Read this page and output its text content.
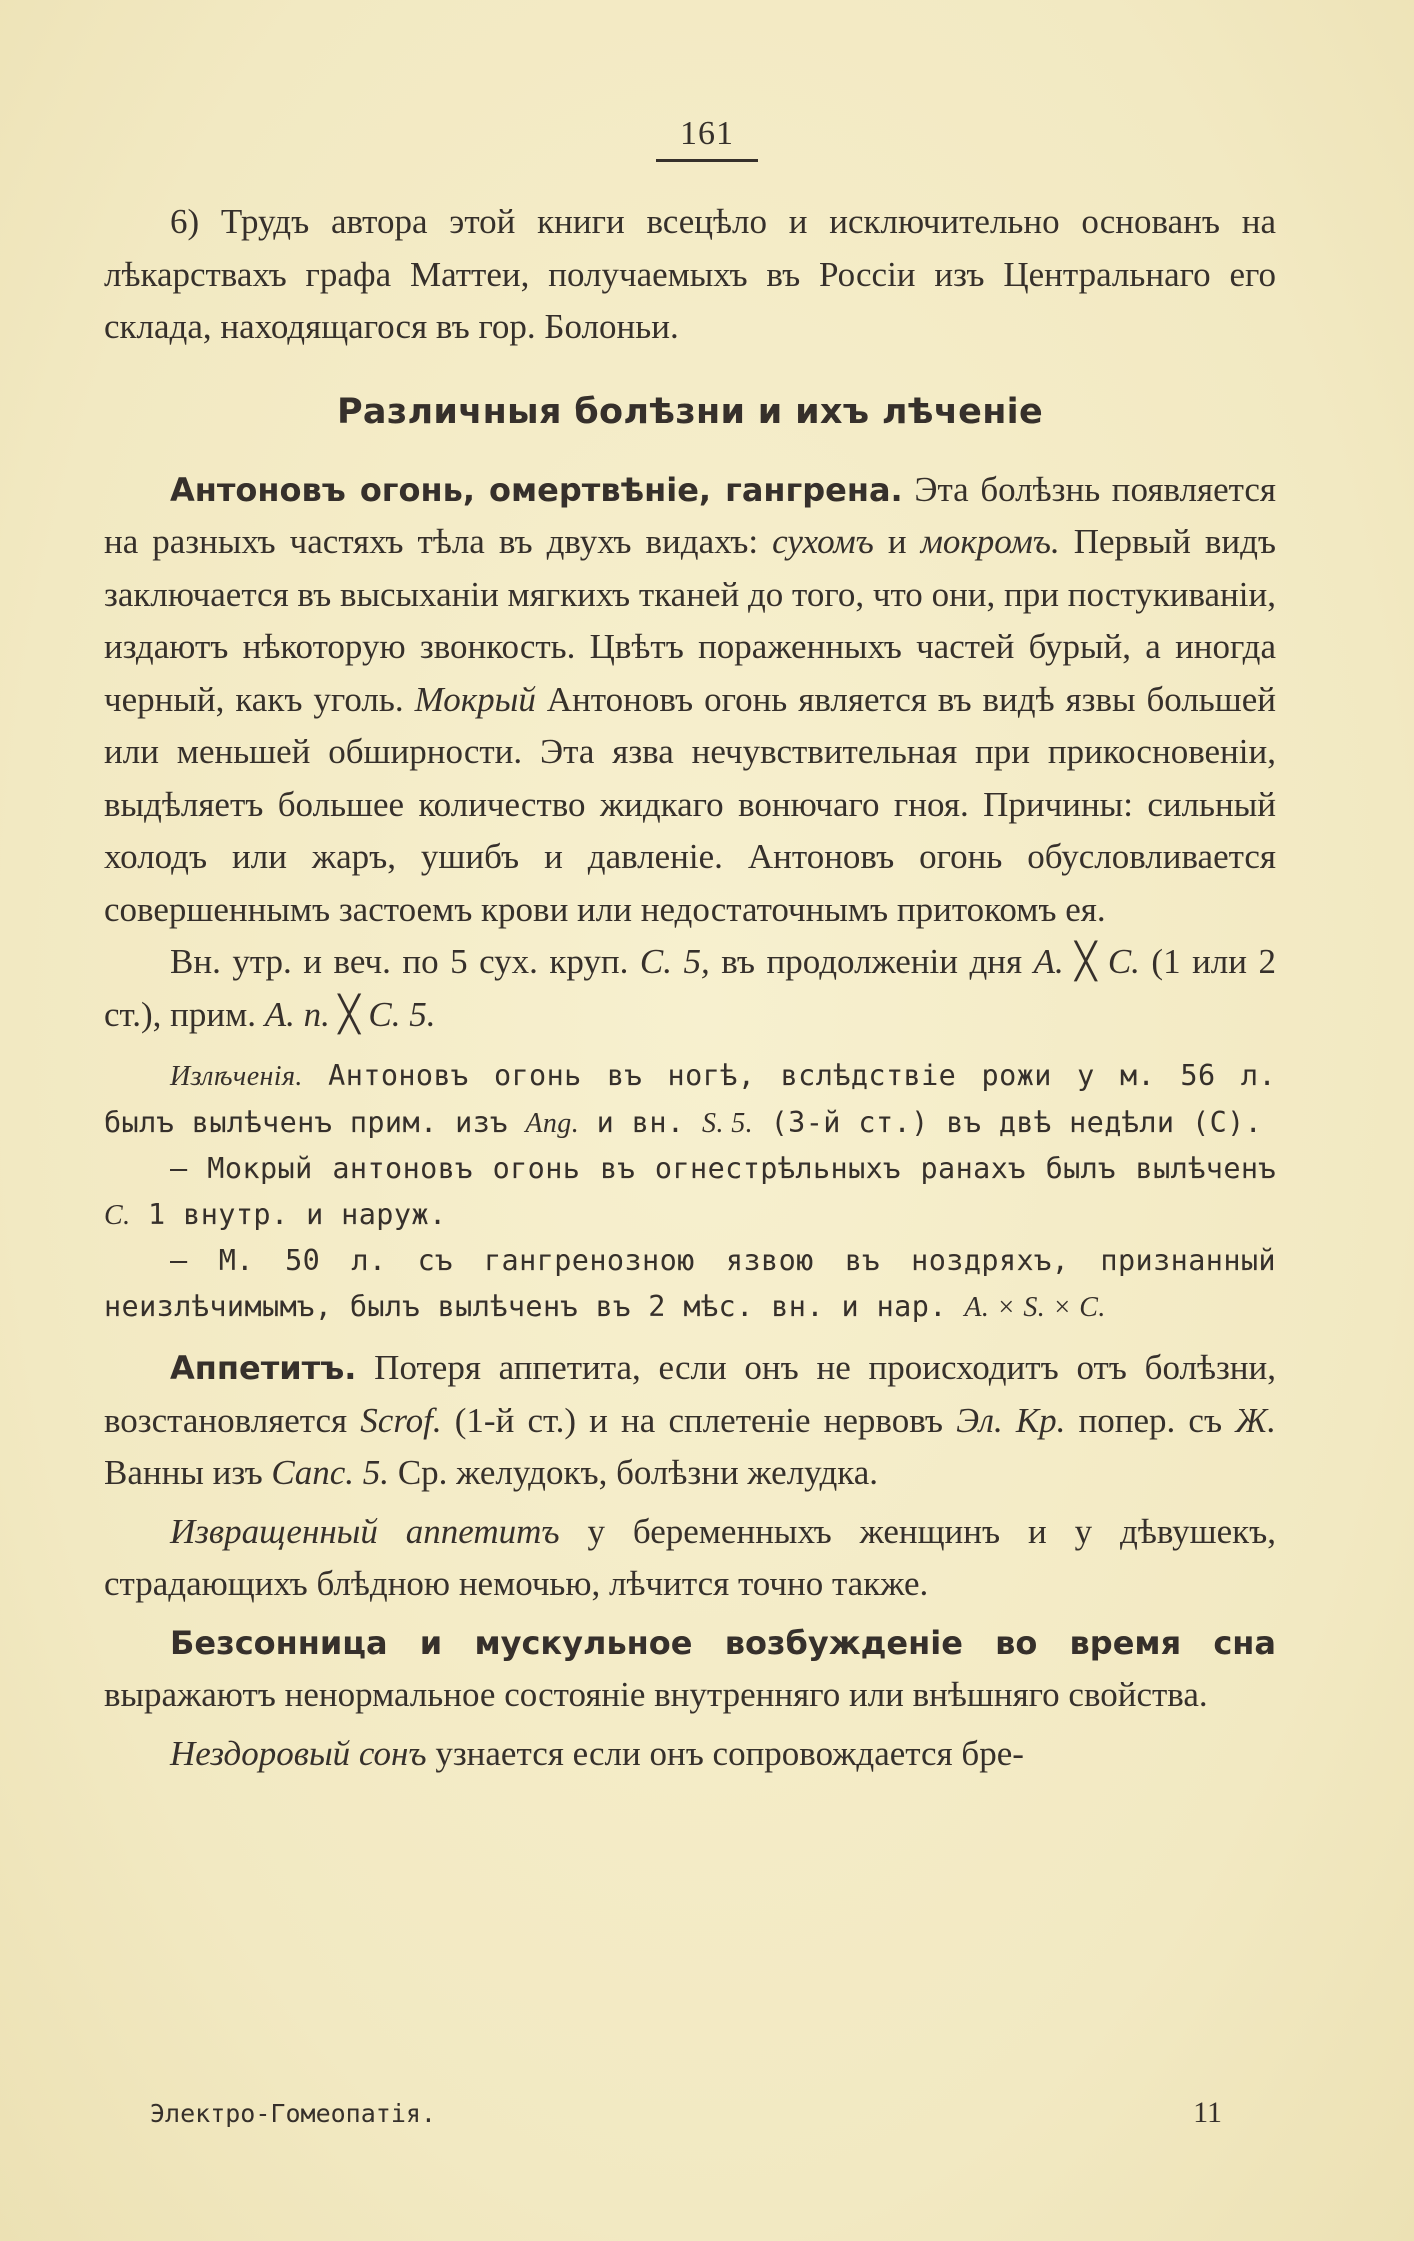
161

6) Трудъ автора этой книги всецѣло и исключительно основанъ на лѣкарствахъ графа Маттеи, получаемыхъ въ Россіи изъ Центральнаго его склада, находящагося въ гор. Болоньи.

Различныя болѣзни и ихъ лѣченіе

Антоновъ огонь, омертвѣніе, гангрена. Эта болѣзнь появляется на разныхъ частяхъ тѣла въ двухъ видахъ: сухомъ и мокромъ. Первый видъ заключается въ высыханіи мягкихъ тканей до того, что они, при постукиваніи, издаютъ нѣкоторую звонкость. Цвѣтъ пораженныхъ частей бурый, а иногда черный, какъ уголь. Мокрый Антоновъ огонь является въ видѣ язвы большей или меньшей обширности. Эта язва нечувствительная при прикосновеніи, выдѣляетъ большее количество жидкаго вонючаго гноя. Причины: сильный холодъ или жаръ, ушибъ и давленіе. Антоновъ огонь обусловливается совершеннымъ застоемъ крови или недостаточнымъ притокомъ ея.

Вн. утр. и веч. по 5 сух. круп. С. 5, въ продолженіи дня А. ╳ С. (1 или 2 ст.), прим. А. п. ╳ С. 5.

Излѣченія. Антоновъ огонь въ ногѣ, вслѣдствіе рожи у м. 56 л. былъ вылѣченъ прим. изъ Ang. и вн. S. 5. (3-й ст.) въ двѣ недѣли (С).

— Мокрый антоновъ огонь въ огнестрѣльныхъ ранахъ былъ вылѣченъ С. 1 внутр. и наруж.

— М. 50 л. съ гангренозною язвою въ ноздряхъ, признанный неизлѣчимымъ, былъ вылѣченъ въ 2 мѣс. вн. и нар. А. × S. × С.

Аппетитъ. Потеря аппетита, если онъ не происходитъ отъ болѣзни, возстановляется Scrof. (1-й ст.) и на сплетеніе нервовъ Эл. Кр. попер. съ Ж. Ванны изъ Canc. 5. Ср. желудокъ, болѣзни желудка.

Извращенный аппетитъ у беременныхъ женщинъ и у дѣвушекъ, страдающихъ блѣдною немочью, лѣчится точно также.

Безсонница и мускульное возбужденіе во время сна выражаютъ ненормальное состояніе внутренняго или внѣшняго свойства.

Нездоровый сонъ узнается если онъ сопровождается бре-

Электро-Гомеопатія.	11
